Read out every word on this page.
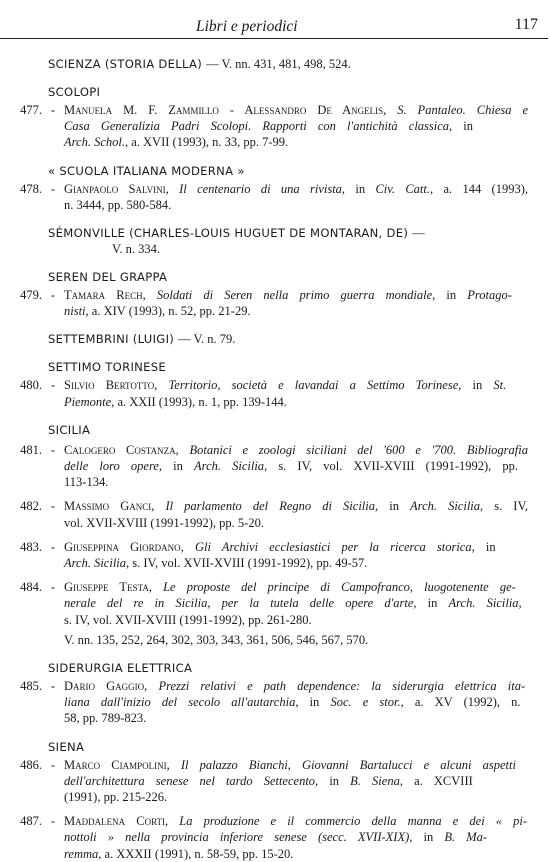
Libri e periodici	117
SCIENZA (STORIA DELLA) — V. nn. 431, 481, 498, 524.
SCOLOPI
477. - Manuela M. F. Zammillo - Alessandro De Angelis, S. Pantaleo. Chiesa e
Casa Generalizia Padri Scolopi. Rapporti con l'antichità classica, in
Arch. Schol., a. XVII (1993), n. 33, pp. 7-99.
« SCUOLA ITALIANA MODERNA »
478. - Gianpaolo Salvini, Il centenario di una rivista, in Civ. Catt., a. 144 (1993),
n. 3444, pp. 580-584.
SÉMONVILLE (CHARLES-LOUIS HUGUET DE MONTARAN, DE) —
V. n. 334.
SEREN DEL GRAPPA
479. - Tamara Rech, Soldati di Seren nella primo guerra mondiale, in Protago-
nisti, a. XIV (1993), n. 52, pp. 21-29.
SETTEMBRINI (LUIGI) — V. n. 79.
SETTIMO TORINESE
480. - Silvio Bertotto, Territorio, società e lavandai a Settimo Torinese, in St.
Piemonte, a. XXII (1993), n. 1, pp. 139-144.
SICILIA
481. - Calogero Costanza, Botanici e zoologi siciliani del '600 e '700. Bibliografia
delle loro opere, in Arch. Sicilia, s. IV, vol. XVII-XVIII (1991-1992), pp.
113-134.
482. - Massimo Ganci, Il parlamento del Regno di Sicilia, in Arch. Sicilia, s. IV,
vol. XVII-XVIII (1991-1992), pp. 5-20.
483. - Giuseppina Giordano, Gli Archivi ecclesiastici per la ricerca storica, in
Arch. Sicilia, s. IV, vol. XVII-XVIII (1991-1992), pp. 49-57.
484. - Giuseppe Testa, Le proposte del principe di Campofranco, luogotenente ge-
nerale del re in Sicilia, per la tutela delle opere d'arte, in Arch. Sicilia,
s. IV, vol. XVII-XVIII (1991-1992), pp. 261-280.
V. nn. 135, 252, 264, 302, 303, 343, 361, 506, 546, 567, 570.
SIDERURGIA ELETTRICA
485. - Dario Gaggio, Prezzi relativi e path dependence: la siderurgia elettrica ita-
liana dall'inizio del secolo all'autarchia, in Soc. e stor., a. XV (1992), n.
58, pp. 789-823.
SIENA
486. - Marco Ciampolini, Il palazzo Bianchi, Giovanni Bartalucci e alcuni aspetti
dell'architettura senese nel tardo Settecento, in B. Siena, a. XCVIII
(1991), pp. 215-226.
487. - Maddalena Corti, La produzione e il commercio della manna e dei « pi-
nottoli » nella provincia inferiore senese (secc. XVII-XIX), in B. Ma-
remma, a. XXXII (1991), n. 58-59, pp. 15-20.
